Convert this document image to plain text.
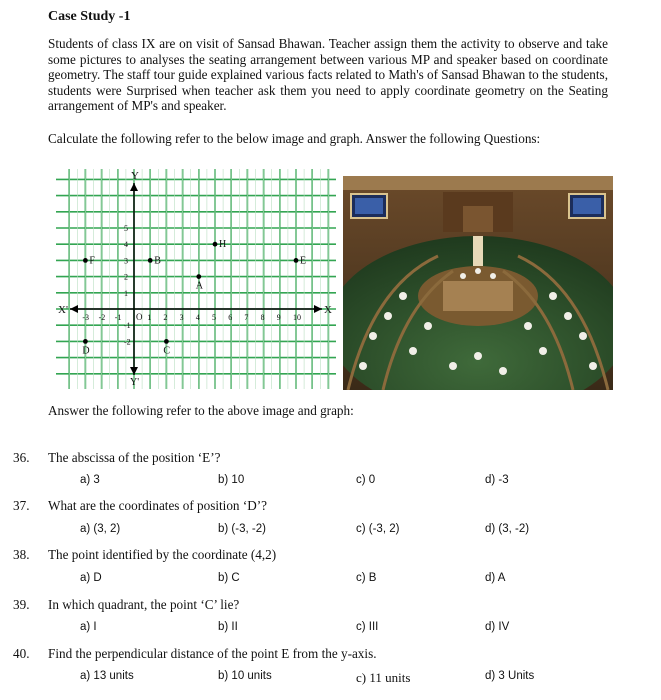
Case Study -1
Students of class IX are on visit of Sansad Bhawan. Teacher assign them the activity to observe and take some pictures to analyses the seating arrangement between various MP and speaker based on coordinate geometry. The staff tour guide explained various facts related to Math's of Sansad Bhawan to the students, students were Surprised when teacher ask them you need to apply coordinate geometry on the Seating arrangement of MP's and speaker.
Calculate the following refer to the below image and graph. Answer the following Questions:
X
X'
Y
Y'
O
-3 -2 -1	1 2 3 4 5 6 7 8 9 10
5
4
3
2
1
-1
-2
F	B
H
E
A
D	C
Answer the following refer to the above image and graph:
36. The abscissa of the position ‘E’?
a) 3	b) 10	c) 0	d) -3
37. What are the coordinates of position ‘D’?
a) (3, 2)	b) (-3, -2)	c) (-3, 2)	d) (3, -2)
38. The point identified by the coordinate (4,2)
a) D	b) C	c) B	d) A
39. In which quadrant, the point ‘C’ lie?
a) I	b) II	c) III	d) IV
40. Find the perpendicular distance of the point E from the y-axis.
a) 13 units	b) 10 units	c) 11 units	d) 3 Units
